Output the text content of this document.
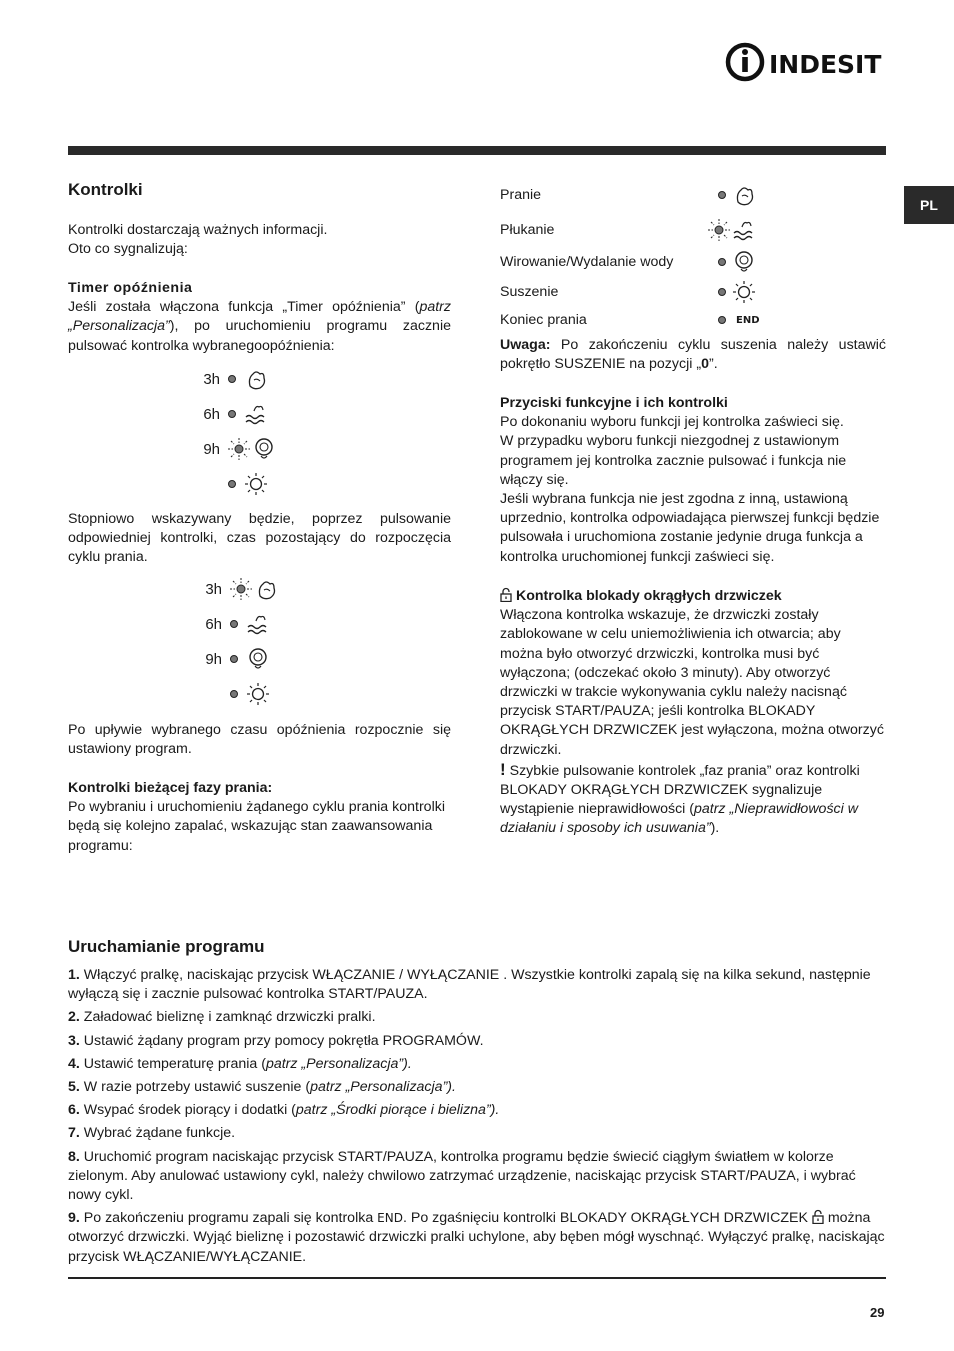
INDESIT
PL
Kontrolki

Kontrolki dostarczają ważnych informacji.

Oto co sygnalizują:

Timer opóźnienia

Jeśli została włączona funkcja „Timer opóźnienia” (patrz „Personalizacja”), po uruchomieniu programu zacznie pulsować kontrolka wybranegoopóźnienia:

3h
6h
9h

Stopniowo wskazywany będzie, poprzez pulsowanie odpowiedniej kontrolki, czas pozostający do rozpoczęcia cyklu prania.

3h
6h
9h

Po upływie wybranego czasu opóźnienia rozpocznie się ustawiony program.

Kontrolki bieżącej fazy prania:

Po wybraniu i uruchomieniu żądanego cyklu prania kontrolki będą się kolejno zapalać, wskazując stan zaawansowania programu:

Pranie
Płukanie
Wirowanie/Wydalanie wody
Suszenie
Koniec prania	END

Uwaga: Po zakończeniu cyklu suszenia należy ustawić pokrętło SUSZENIE na pozycji „0”.

Przyciski funkcyjne i ich kontrolki

Po dokonaniu wyboru funkcji jej kontrolka zaświeci się.

W przypadku wyboru funkcji niezgodnej z ustawionym programem jej kontrolka zacznie pulsować i funkcja nie włączy się.

Jeśli wybrana funkcja nie jest zgodna z inną, ustawioną uprzednio, kontrolka odpowiadająca pierwszej funkcji będzie pulsowała i uruchomiona zostanie jedynie druga funkcja a kontrolka uruchomionej funkcji zaświeci się.

Kontrolka blokady okrągłych drzwiczek

Włączona kontrolka wskazuje, że drzwiczki zostały zablokowane w celu uniemożliwienia ich otwarcia; aby można było otworzyć drzwiczki, kontrolka musi być wyłączona; (odczekać około 3 minuty). Aby otworzyć drzwiczki w trakcie wykonywania cyklu należy nacisnąć przycisk START/PAUZA; jeśli kontrolka BLOKADY OKRĄGŁYCH DRZWICZEK jest wyłączona, można otworzyć drzwiczki.

! Szybkie pulsowanie kontrolek „faz prania” oraz kontrolki BLOKADY OKRĄGŁYCH DRZWICZEK sygnalizuje wystąpienie nieprawidłowości (patrz „Nieprawidłowości w działaniu i sposoby ich usuwania”).

Uruchamianie programu
1. Włączyć pralkę, naciskając przycisk WŁĄCZANIE / WYŁĄCZANIE . Wszystkie kontrolki zapalą się na kilka sekund, następnie wyłączą się i zacznie pulsować kontrolka START/PAUZA.
2. Załadować bieliznę i zamknąć drzwiczki pralki.
3. Ustawić żądany program przy pomocy pokrętła PROGRAMÓW.
4. Ustawić temperaturę prania (patrz „Personalizacja”).
5. W razie potrzeby ustawić suszenie (patrz „Personalizacja”).
6. Wsypać środek piorący i dodatki (patrz „Środki piorące i bielizna”).
7. Wybrać żądane funkcje.
8. Uruchomić program naciskając przycisk START/PAUZA, kontrolka programu będzie świecić ciągłym światłem w kolorze zielonym. Aby anulować ustawiony cykl, należy chwilowo zatrzymać urządzenie, naciskając przycisk START/PAUZA, i wybrać nowy cykl.
9. Po zakończeniu programu zapali się kontrolka END. Po zgaśnięciu kontrolki BLOKADY OKRĄGŁYCH DRZWICZEK  można otworzyć drzwiczki. Wyjąć bieliznę i pozostawić drzwiczki pralki uchylone, aby bęben mógł wyschnąć. Wyłączyć pralkę, naciskając przycisk WŁĄCZANIE/WYŁĄCZANIE.
29
